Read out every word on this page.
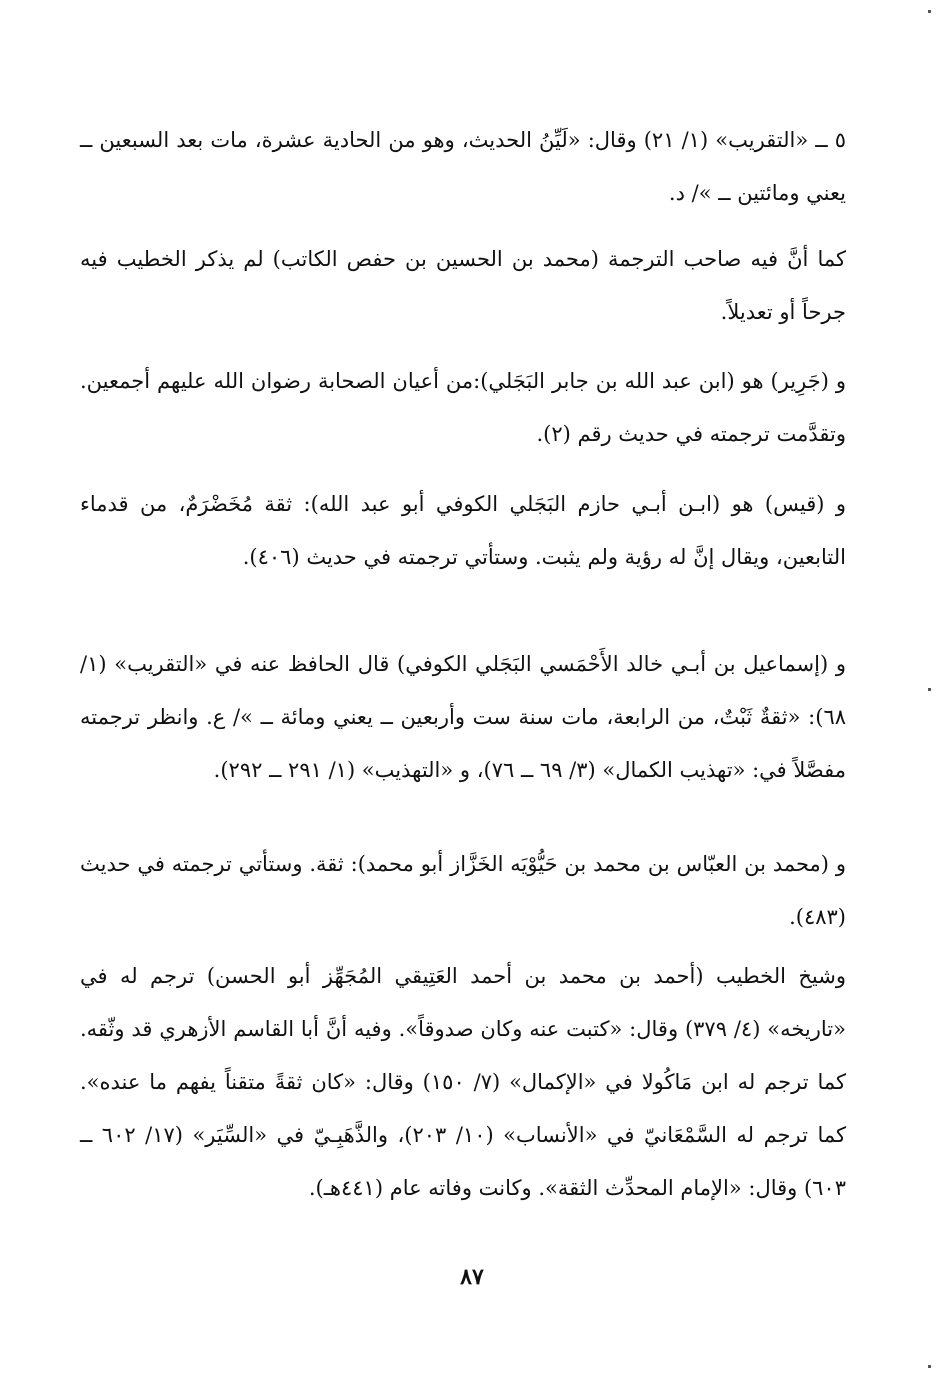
٥ ــ «التقريب» (١/ ٢١) وقال: «لَيِّنُ الحديث، وهو من الحادية عشرة، مات بعد السبعين ــ يعني ومائتين ــ »/ د.

كما أنَّ فيه صاحب الترجمة (محمد بن الحسين بن حفص الكاتب) لم يذكر الخطيب فيه جرحاً أو تعديلاً.

و (جَرِير) هو (ابن عبد الله بن جابر البَجَلي):من أعيان الصحابة رضوان الله عليهم أجمعين. وتقدَّمت ترجمته في حديث رقم (٢).

و (قيس) هو (ابـن أبـي حازم البَجَلي الكوفي أبو عبد الله): ثقة مُخَضْرَمٌ، من قدماء التابعين، ويقال إنَّ له رؤية ولم يثبت. وستأتي ترجمته في حديث (٤٠٦).

و (إسماعيل بن أبـي خالد الأَحْمَسي البَجَلي الكوفي) قال الحافظ عنه في «التقريب» (١/ ٦٨): «ثقةٌ ثَبْتٌ، من الرابعة، مات سنة ست وأربعين ــ يعني ومائة ــ »/ ع. وانظر ترجمته مفصَّلاً في: «تهذيب الكمال» (٣/ ٦٩ ــ ٧٦)، و «التهذيب» (١/ ٢٩١ ــ ٢٩٢).

و (محمد بن العبّاس بن محمد بن حَيُّوْيَه الخَزَّاز أبو محمد): ثقة. وستأتي ترجمته في حديث (٤٨٣).

وشيخ الخطيب (أحمد بن محمد بن أحمد العَتِيقي المُجَهِّز أبو الحسن) ترجم له في «تاريخه» (٤/ ٣٧٩) وقال: «كتبت عنه وكان صدوقاً». وفيه أنَّ أبا القاسم الأزهري قد وثّقه. كما ترجم له ابن مَاكُولا في «الإكمال» (٧/ ١٥٠) وقال: «كان ثقةً متقناً يفهم ما عنده». كما ترجم له السَّمْعَانيّ في «الأنساب» (١٠/ ٢٠٣)، والذَّهَبِـيّ في «السِّيَر» (١٧/ ٦٠٢ ــ ٦٠٣) وقال: «الإمام المحدِّث الثقة». وكانت وفاته عام (٤٤١هـ).

٨٧
